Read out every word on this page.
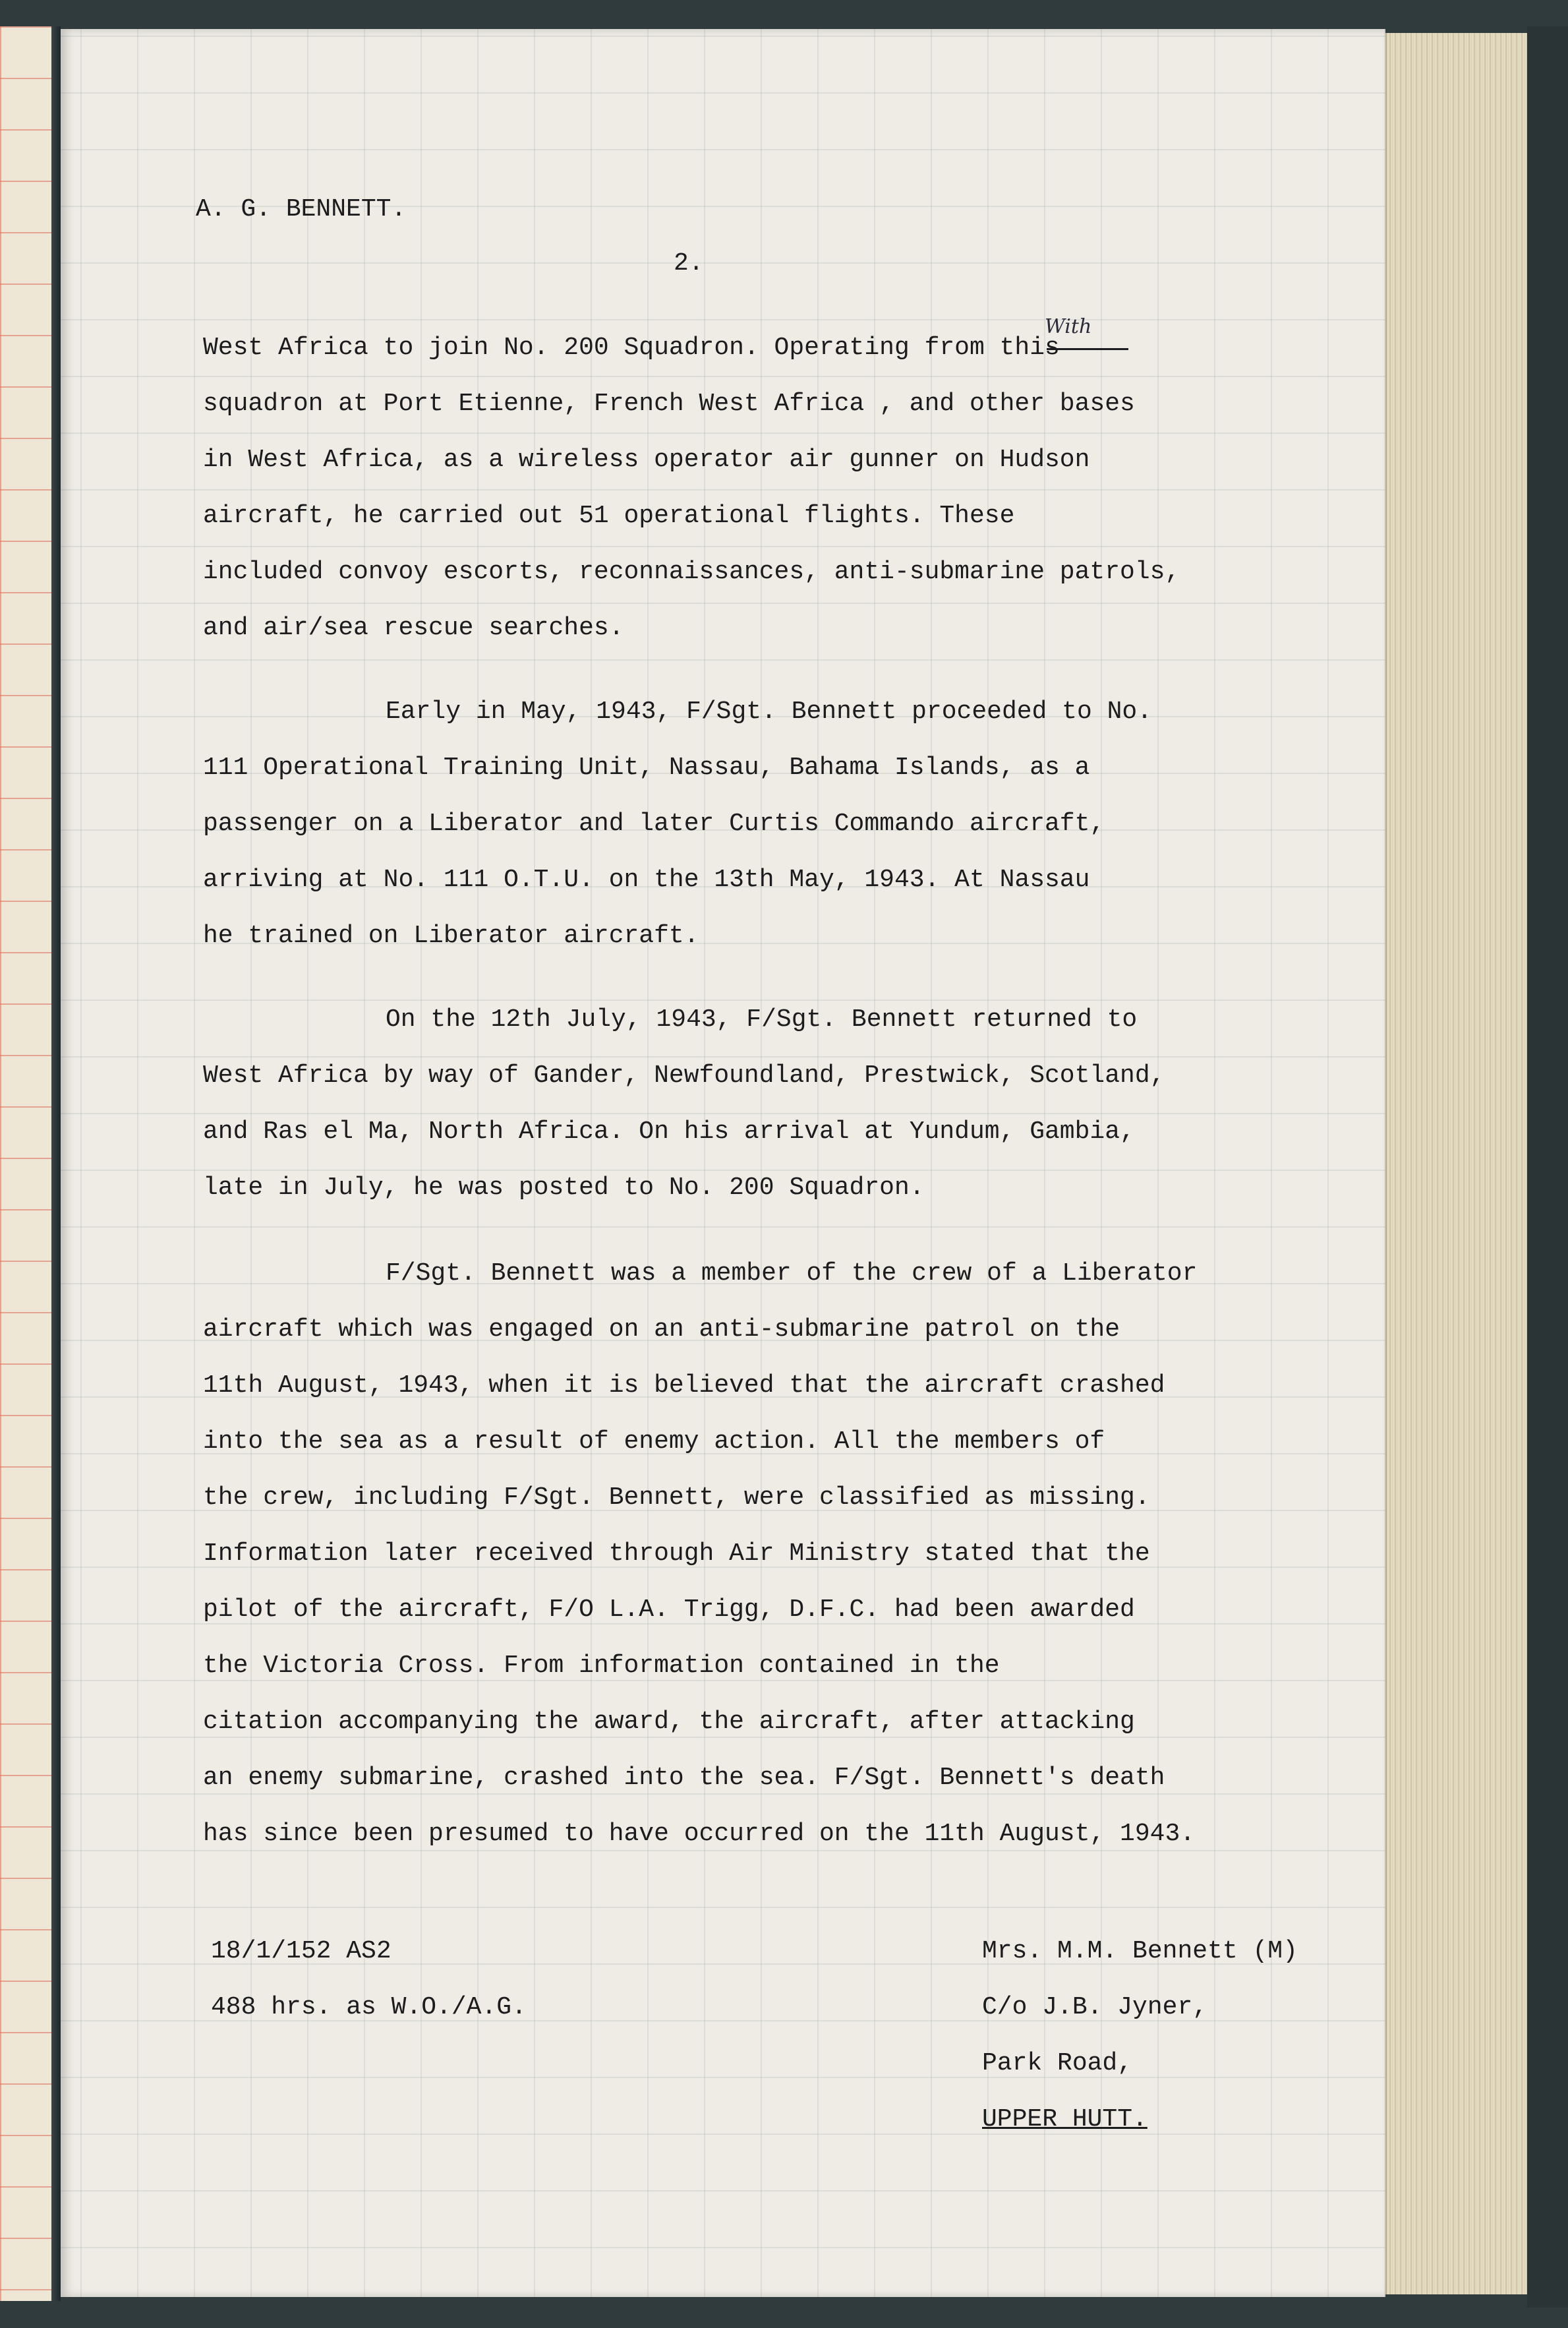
A. G. BENNETT.
2.
With
West Africa to join No. 200 Squadron. Operating from this
squadron at Port Etienne, French West Africa , and other bases
in West Africa, as a wireless operator air gunner on Hudson
aircraft, he carried out 51 operational flights. These
included convoy escorts, reconnaissances, anti-submarine patrols,
and air/sea rescue searches.
Early in May, 1943, F/Sgt. Bennett proceeded to No.
111 Operational Training Unit, Nassau, Bahama Islands, as a
passenger on a Liberator and later Curtis Commando aircraft,
arriving at No. 111 O.T.U. on the 13th May, 1943. At Nassau
he trained on Liberator aircraft.
On the 12th July, 1943, F/Sgt. Bennett returned to
West Africa by way of Gander, Newfoundland, Prestwick, Scotland,
and Ras el Ma, North Africa. On his arrival at Yundum, Gambia,
late in July, he was posted to No. 200 Squadron.
F/Sgt. Bennett was a member of the crew of a Liberator
aircraft which was engaged on an anti-submarine patrol on the
11th August, 1943, when it is believed that the aircraft crashed
into the sea as a result of enemy action. All the members of
the crew, including F/Sgt. Bennett, were classified as missing.
Information later received through Air Ministry stated that the
pilot of the aircraft, F/O L.A. Trigg, D.F.C. had been awarded
the Victoria Cross. From information contained in the
citation accompanying the award, the aircraft, after attacking
an enemy submarine, crashed into the sea. F/Sgt. Bennett's death
has since been presumed to have occurred on the 11th August, 1943.
18/1/152 AS2
488 hrs. as W.O./A.G.
Mrs. M.M. Bennett (M)
C/o J.B. Jyner,
Park Road,
UPPER HUTT.
